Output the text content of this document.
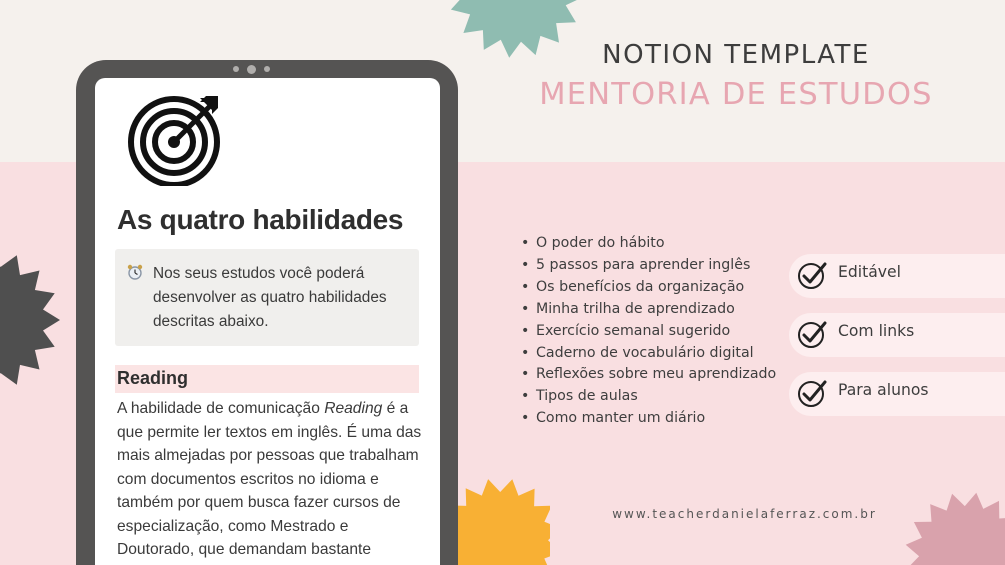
As quatro habilidades
Nos seus estudos você poderá desenvolver as quatro habilidades descritas abaixo.
Reading
A habilidade de comunicação Reading é a que permite ler textos em inglês. É uma das mais almejadas por pessoas que trabalham com documentos escritos no idioma e também por quem busca fazer cursos de especialização, como Mestrado e Doutorado, que demandam bastante
NOTION TEMPLATE
MENTORIA DE ESTUDOS
• O poder do hábito
• 5 passos para aprender inglês
• Os benefícios da organização
• Minha trilha de aprendizado
• Exercício semanal sugerido
• Caderno de vocabulário digital
• Reflexões sobre meu aprendizado
• Tipos de aulas
• Como manter um diário
Editável
Com links
Para alunos
www.teacherdanielaferraz.com.br
